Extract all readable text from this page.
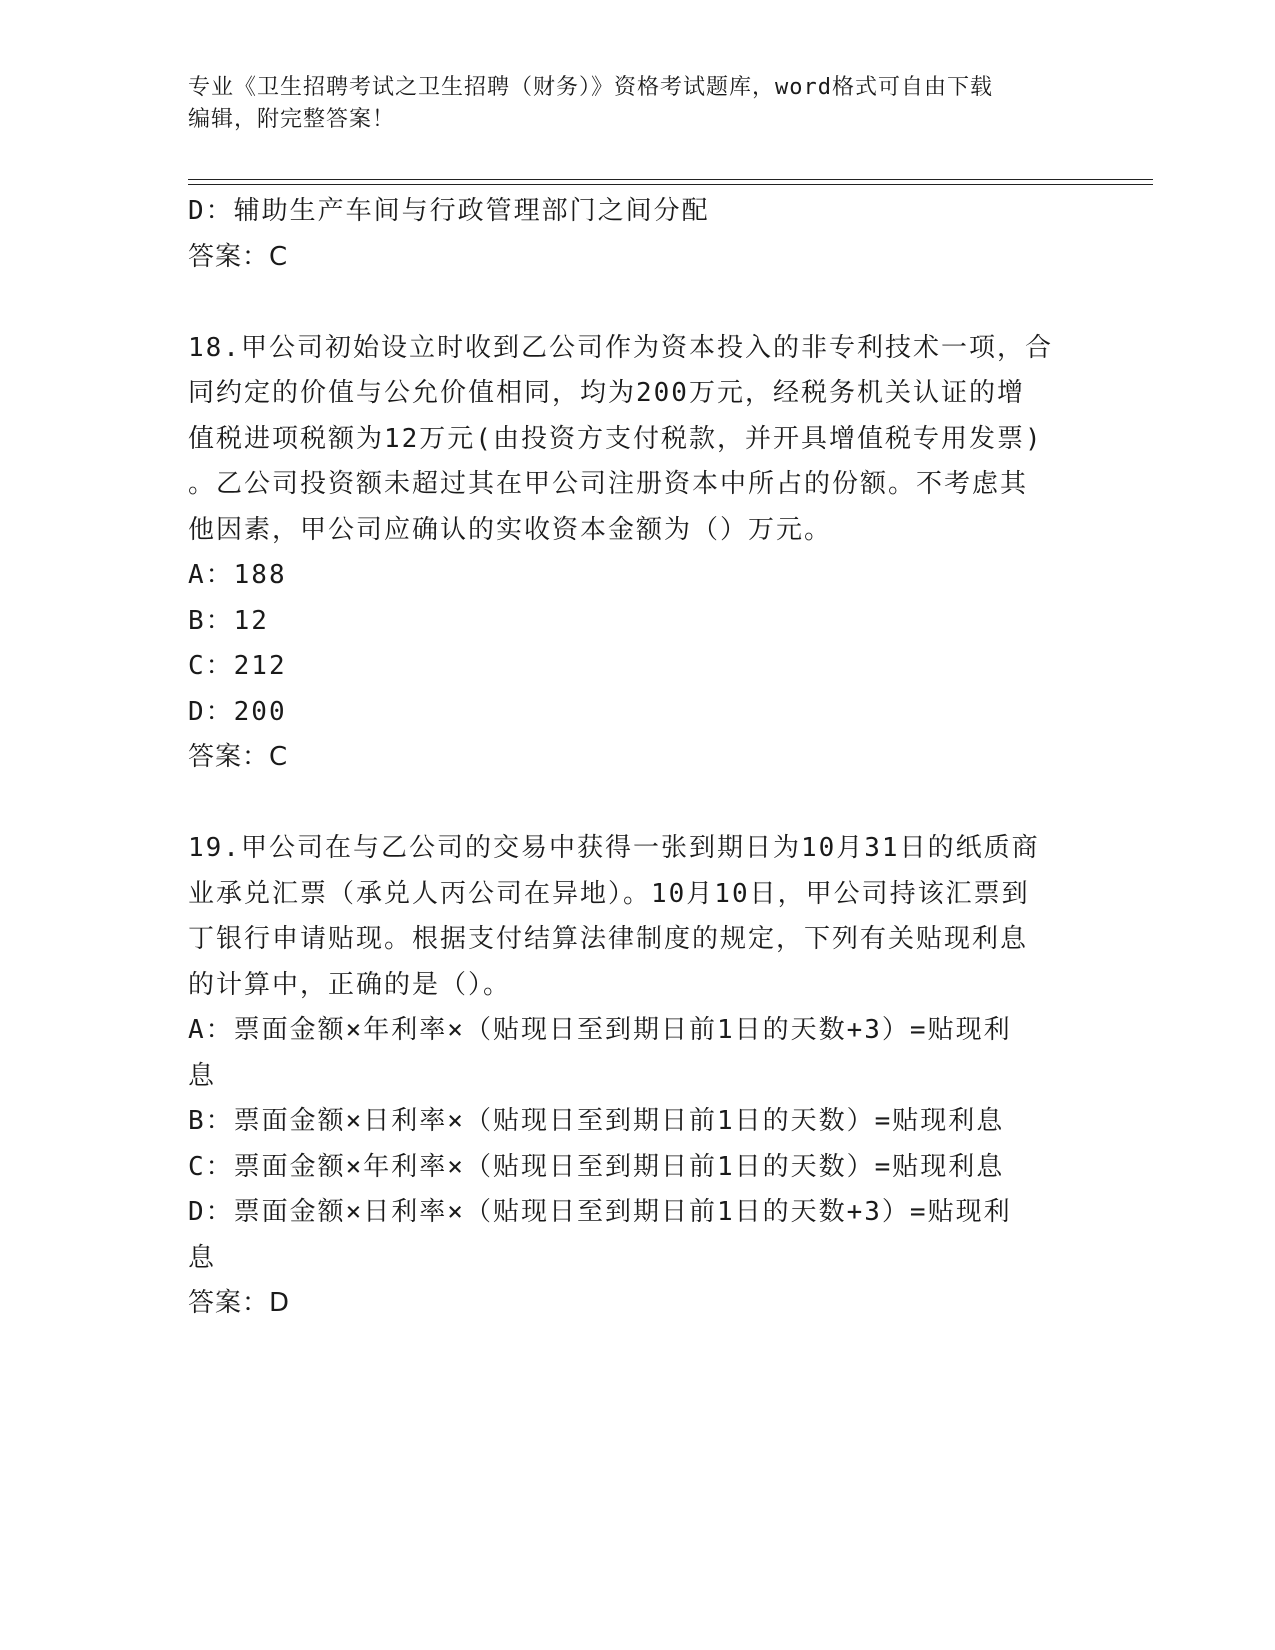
专业《卫生招聘考试之卫生招聘（财务）》资格考试题库，word格式可自由下载
编辑，附完整答案！
D：辅助生产车间与行政管理部门之间分配
答案：C
18.甲公司初始设立时收到乙公司作为资本投入的非专利技术一项，合
同约定的价值与公允价值相同，均为200万元，经税务机关认证的增
值税进项税额为12万元(由投资方支付税款，并开具增值税专用发票)
。乙公司投资额未超过其在甲公司注册资本中所占的份额。不考虑其
他因素，甲公司应确认的实收资本金额为（）万元。
A：188
B：12
C：212
D：200
答案：C
19.甲公司在与乙公司的交易中获得一张到期日为10月31日的纸质商
业承兑汇票（承兑人丙公司在异地）。10月10日，甲公司持该汇票到
丁银行申请贴现。根据支付结算法律制度的规定，下列有关贴现利息
的计算中，正确的是（）。
A：票面金额×年利率×（贴现日至到期日前1日的天数+3）=贴现利
息
B：票面金额×日利率×（贴现日至到期日前1日的天数）=贴现利息
C：票面金额×年利率×（贴现日至到期日前1日的天数）=贴现利息
D：票面金额×日利率×（贴现日至到期日前1日的天数+3）=贴现利
息
答案：D
